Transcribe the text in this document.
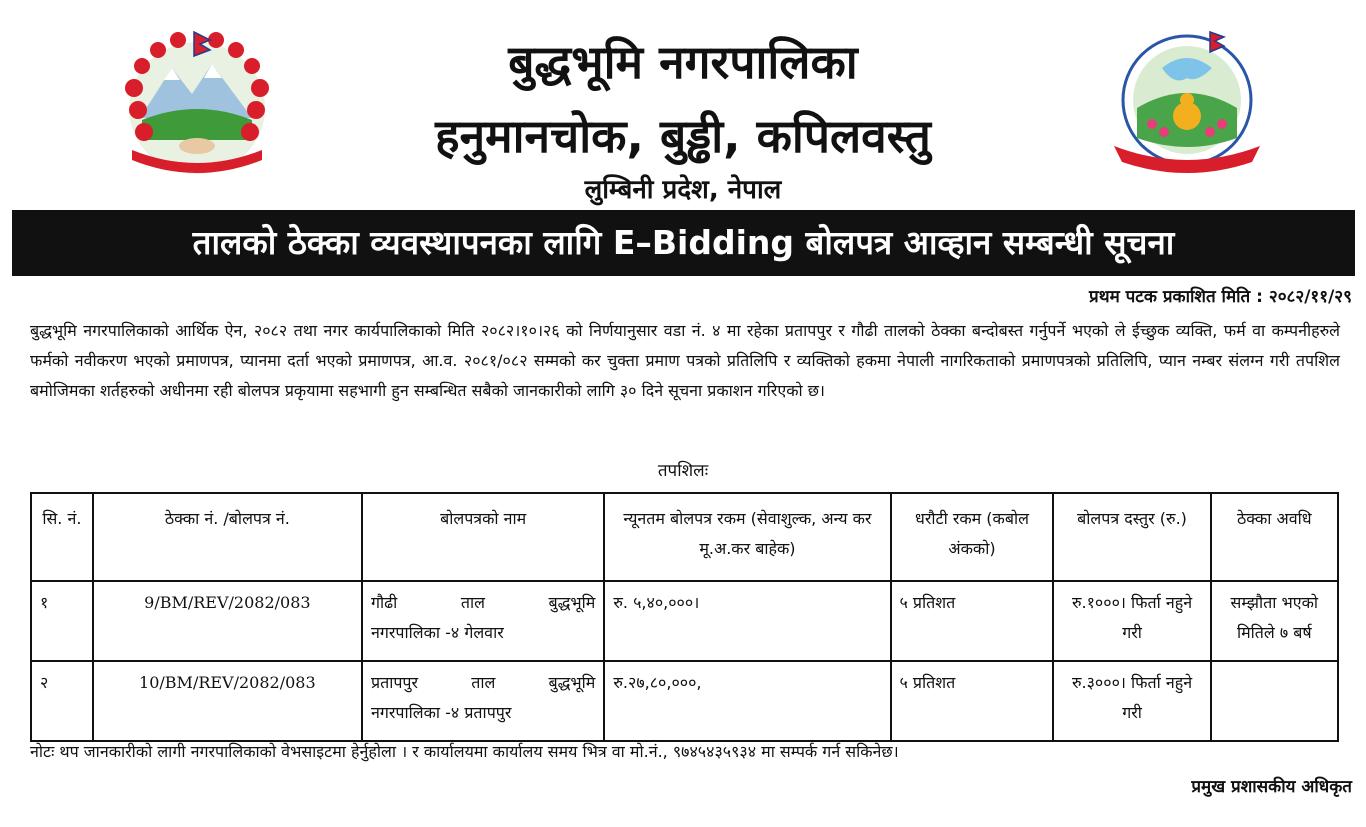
बुद्धभूमि नगरपालिका
हनुमानचोक, बुड्ढी, कपिलवस्तु
लुम्बिनी प्रदेश, नेपाल
तालको ठेक्का व्यवस्थापनका लागि E–Bidding बोलपत्र आव्हान सम्बन्धी सूचना
प्रथम पटक प्रकाशित मिति : २०८२/११/२९

बुद्धभूमि नगरपालिकाको आर्थिक ऐन, २०८२ तथा नगर कार्यपालिकाको मिति २०८२।१०।२६ को निर्णयानुसार वडा नं. ४ मा रहेका प्रतापपुर र गौढी तालको ठेक्का बन्दोबस्त गर्नुपर्ने भएको ले ईच्छुक व्यक्ति, फर्म वा कम्पनीहरुले फर्मको नवीकरण भएको प्रमाणपत्र, प्यानमा दर्ता भएको प्रमाणपत्र, आ.व. २०८१/०८२ सम्मको कर चुक्ता प्रमाण पत्रको प्रतिलिपि र व्यक्तिको हकमा नेपाली नागरिकताको प्रमाणपत्रको प्रतिलिपि, प्यान नम्बर संलग्न गरी तपशिल बमोजिमका शर्तहरुको अधीनमा रही बोलपत्र प्रकृयामा सहभागी हुन सम्बन्धित सबैको जानकारीको लागि ३० दिने सूचना प्रकाशन गरिएको छ।

तपशिलः
सि. नं.	ठेक्का नं. /बोलपत्र नं.	बोलपत्रको नाम	न्यूनतम बोलपत्र रकम (सेवाशुल्क, अन्य कर मू.अ.कर बाहेक)	धरौटी रकम (कबोल अंकको)	बोलपत्र दस्तुर (रु.)	ठेक्का अवधि
१	9/BM/REV/2082/083	गौढी ताल बुद्धभूमि
नगरपालिका -४ गेलवार	रु. ५,४०,०००।	५ प्रतिशत	रु.१०००। फिर्ता नहुने गरी	सम्झौता भएको मितिले ७ बर्ष
२	10/BM/REV/2082/083	प्रतापपुर ताल बुद्धभूमि
नगरपालिका -४ प्रतापपुर	रु.२७,८०,०००,	५ प्रतिशत	रु.३०००। फिर्ता नहुने गरी	
नोटः थप जानकारीको लागी नगरपालिकाको वेभसाइटमा हेर्नुहोला । र कार्यालयमा कार्यालय समय भित्र वा मो.नं., ९७४५४३५९३४ मा सम्पर्क गर्न सकिनेछ।
प्रमुख प्रशासकीय अधिकृत
